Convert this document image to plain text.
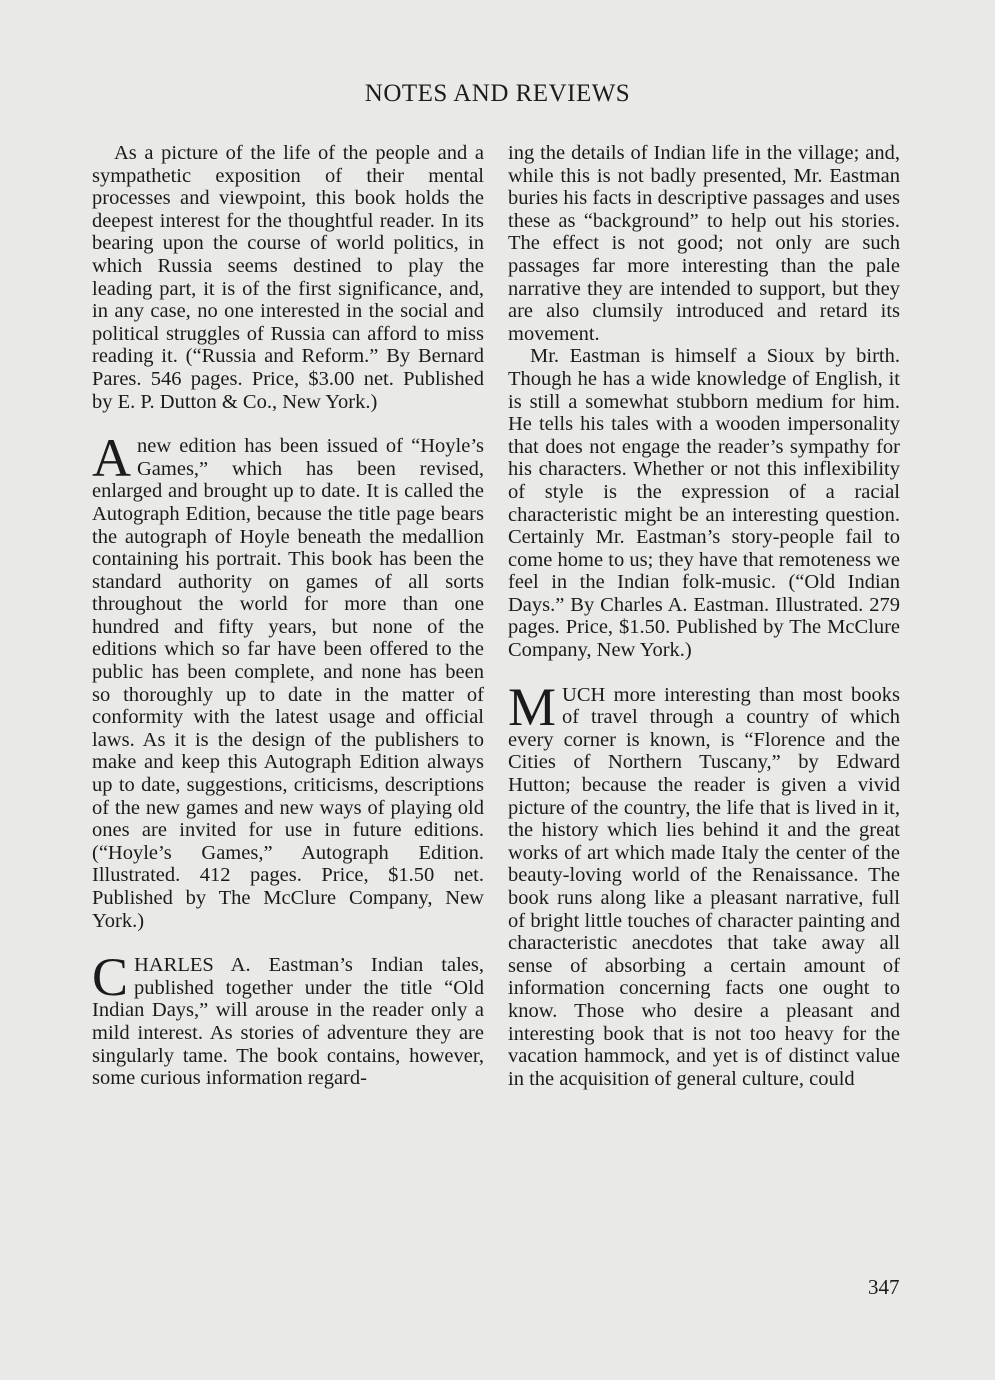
NOTES AND REVIEWS

As a picture of the life of the people and a sympathetic exposition of their mental processes and viewpoint, this book holds the deepest interest for the thoughtful reader. In its bearing upon the course of world politics, in which Russia seems destined to play the leading part, it is of the first significance, and, in any case, no one interested in the social and political struggles of Russia can afford to miss reading it. (“Russia and Reform.” By Bernard Pares. 546 pages. Price, $3.00 net. Published by E. P. Dutton & Co., New York.)

Anew edition has been issued of “Hoyle’s Games,” which has been revised, enlarged and brought up to date. It is called the Autograph Edition, because the title page bears the autograph of Hoyle beneath the medallion containing his portrait. This book has been the standard authority on games of all sorts throughout the world for more than one hundred and fifty years, but none of the editions which so far have been offered to the public has been complete, and none has been so thoroughly up to date in the matter of conformity with the latest usage and official laws. As it is the design of the publishers to make and keep this Autograph Edition always up to date, suggestions, criticisms, descriptions of the new games and new ways of playing old ones are invited for use in future editions. (“Hoyle’s Games,” Autograph Edition. Illustrated. 412 pages. Price, $1.50 net. Published by The McClure Company, New York.)

CHARLES A. Eastman’s Indian tales, published together under the title “Old Indian Days,” will arouse in the reader only a mild interest. As stories of adventure they are singularly tame. The book contains, however, some curious information regard-

ing the details of Indian life in the village; and, while this is not badly presented, Mr. Eastman buries his facts in descriptive passages and uses these as “background” to help out his stories. The effect is not good; not only are such passages far more interesting than the pale narrative they are intended to support, but they are also clumsily introduced and retard its movement.

Mr. Eastman is himself a Sioux by birth. Though he has a wide knowledge of English, it is still a somewhat stubborn medium for him. He tells his tales with a wooden impersonality that does not engage the reader’s sympathy for his characters. Whether or not this inflexibility of style is the expression of a racial characteristic might be an interesting question. Certainly Mr. Eastman’s story-people fail to come home to us; they have that remoteness we feel in the Indian folk-music. (“Old Indian Days.” By Charles A. Eastman. Illustrated. 279 pages. Price, $1.50. Published by The McClure Company, New York.)

MUCH more interesting than most books of travel through a country of which every corner is known, is “Florence and the Cities of Northern Tuscany,” by Edward Hutton; because the reader is given a vivid picture of the country, the life that is lived in it, the history which lies behind it and the great works of art which made Italy the center of the beauty-loving world of the Renaissance. The book runs along like a pleasant narrative, full of bright little touches of character painting and characteristic anecdotes that take away all sense of absorbing a certain amount of information concerning facts one ought to know. Those who desire a pleasant and interesting book that is not too heavy for the vacation hammock, and yet is of distinct value in the acquisition of general culture, could

347
